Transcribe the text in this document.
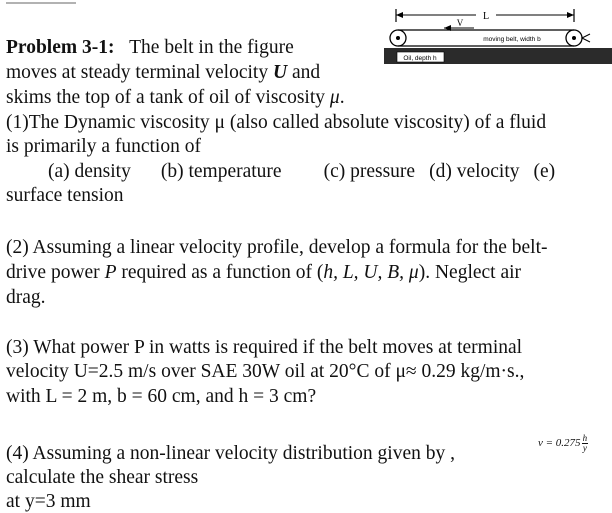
L
V
moving belt, width b
Oil, depth h
Problem 3-1: The belt in the figure
moves at steady terminal velocity U and
skims the top of a tank of oil of viscosity μ.
(1)The Dynamic viscosity μ (also called absolute viscosity) of a fluid
is primarily a function of
(a) density (b) temperature (c) pressure (d) velocity (e)
surface tension
(2) Assuming a linear velocity profile, develop a formula for the belt-
drive power P required as a function of (h, L, U, B, μ). Neglect air
drag.
(3) What power P in watts is required if the belt moves at terminal
velocity U=2.5 m/s over SAE 30W oil at 20°C of μ≈ 0.29 kg/m·s.,
with L = 2 m, b = 60 cm, and h = 3 cm?
$v = 0.275 \frac{h}{y}$
(4) Assuming a non-linear velocity distribution given by ,
calculate the shear stress
at y=3 mm
